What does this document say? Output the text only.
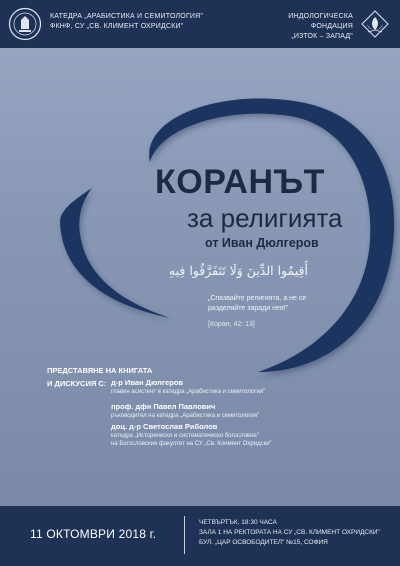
КАТЕДРА „АРАБИСТИКА И СЕМИТОЛОГИЯ"
ФКНФ, СУ „СВ. КЛИМЕНТ ОХРИДСКИ"
ИНДОЛОГИЧЕСКА ФОНДАЦИЯ
„ИЗТОК – ЗАПАД"
КОРАНЪТ
за религията
от Иван Дюлгеров
أَقِيمُوا الدِّينَ وَلَا تَتَفَرَّقُوا فِيهِ
„Спазвайте религията, а не се
разделяйте заради нея!"
[Коран, 42: 13]
ПРЕДСТАВЯНЕ НА КНИГАТА
И ДИСКУСИЯ С: д-р Иван Дюлгеров
главен асистент в катедра „Арабистика и семитология"
проф. дфн Павел Павлович
ръководител на катедра „Арабистика и семитология"
доц. д-р Светослав Риболов
катедра „Историческо и систематическо богословие"
на Богословския факултет на СУ „Св. Климент Охридски"
11 ОКТОМВРИ 2018 г.
ЧЕТВЪРТЪК, 18:30 ЧАСА
ЗАЛА 1 НА РЕКТОРАТА НА СУ „СВ. КЛИМЕНТ ОХРИДСКИ"
БУЛ. „ЦАР ОСВОБОДИТЕЛ" №15, СОФИЯ
